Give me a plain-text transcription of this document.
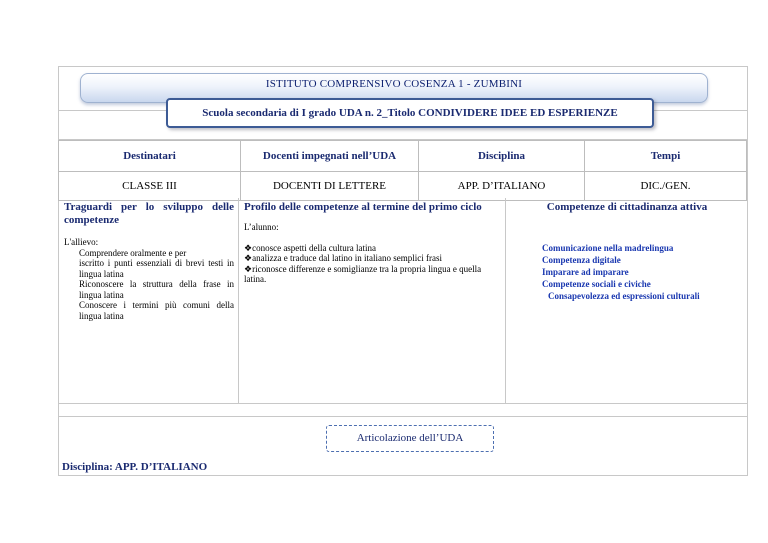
ISTITUTO COMPRENSIVO COSENZA 1 - ZUMBINI
Scuola secondaria di I grado UDA n. 2_Titolo CONDIVIDERE IDEE ED ESPERIENZE
Destinatari	Docenti impegnati nell’UDA	Disciplina	Tempi
CLASSE III	DOCENTI DI LETTERE	APP. D’ITALIANO	DIC./GEN.
Traguardi per lo sviluppo delle competenze
L'allievo:
Comprendere oralmente e per
iscritto i punti essenziali di brevi testi in lingua latina
Riconoscere la struttura della frase in lingua latina
Conoscere i termini più comuni della lingua latina
Profilo delle competenze al termine del primo ciclo
L’alunno:
❖conosce aspetti della cultura latina
❖analizza e traduce dal latino in italiano semplici frasi
❖riconosce differenze e somiglianze tra la propria lingua e quella latina.
Competenze di cittadinanza attiva
Comunicazione nella madrelingua
Competenza digitale
Imparare ad imparare
Competenze sociali e civiche
Consapevolezza ed espressioni culturali
Articolazione dell’UDA
Disciplina: APP. D’ITALIANO
